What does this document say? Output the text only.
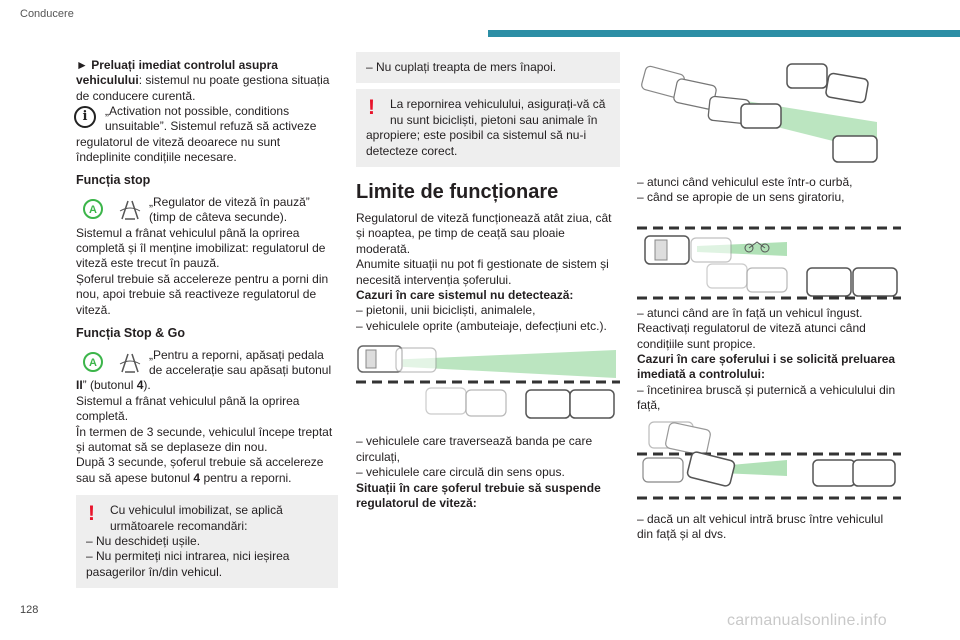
Conducere

► Preluați imediat controlul asupra vehiculului: sistemul nu poate gestiona situația de conducere curentă.

i	„Activation not possible, conditions

unsuitable”. Sistemul refuză să activeze regulatorul de viteză deoarece nu sunt îndeplinite condițiile necesare.

Funcția stop

A

„Regulator de viteză în pauză”

(timp de câteva secunde).

Sistemul a frânat vehiculul până la oprirea completă și îl menține imobilizat: regulatorul de viteză este trecut în pauză.

Șoferul trebuie să accelereze pentru a porni din nou, apoi trebuie să reactiveze regulatorul de viteză.

Funcția Stop & Go

A

„Pentru a reporni, apăsați pedala

de accelerație sau apăsați butonul

II” (butonul 4).

Sistemul a frânat vehiculul până la oprirea completă.

În termen de 3 secunde, vehiculul începe treptat și automat să se deplaseze din nou.

După 3 secunde, șoferul trebuie să accelereze sau să apese butonul 4 pentru a reporni.

!	Cu vehiculul imobilizat, se aplică

următoarele recomandări:

– Nu deschideți ușile.

– Nu permiteți nici intrarea, nici ieșirea pasagerilor în/din vehicul.

– Nu cuplați treapta de mers înapoi.

!	La repornirea vehiculului, asigurați-vă că

nu sunt bicicliști, pietoni sau animale în apropiere; este posibil ca sistemul să nu-i detecteze corect.

Limite de funcționare

Regulatorul de viteză funcționează atât ziua, cât și noaptea, pe timp de ceață sau ploaie moderată.

Anumite situații nu pot fi gestionate de sistem și necesită intervenția șoferului.

Cazuri în care sistemul nu detectează:

– pietonii, unii bicicliști, animalele,

– vehiculele oprite (ambuteiaje, defecțiuni etc.).

– vehiculele care traversează banda pe care circulați,

– vehiculele care circulă din sens opus.

Situații în care șoferul trebuie să suspende regulatorul de viteză:

– atunci când vehiculul este într-o curbă,

– când se apropie de un sens giratoriu,

– atunci când are în față un vehicul îngust.

Reactivați regulatorul de viteză atunci când condițiile sunt propice.

Cazuri în care șoferului i se solicită preluarea imediată a controlului:

– încetinirea bruscă și puternică a vehiculului din față,

– dacă un alt vehicul intră brusc între vehiculul din față și al dvs.

128
carmanualsonline.info
